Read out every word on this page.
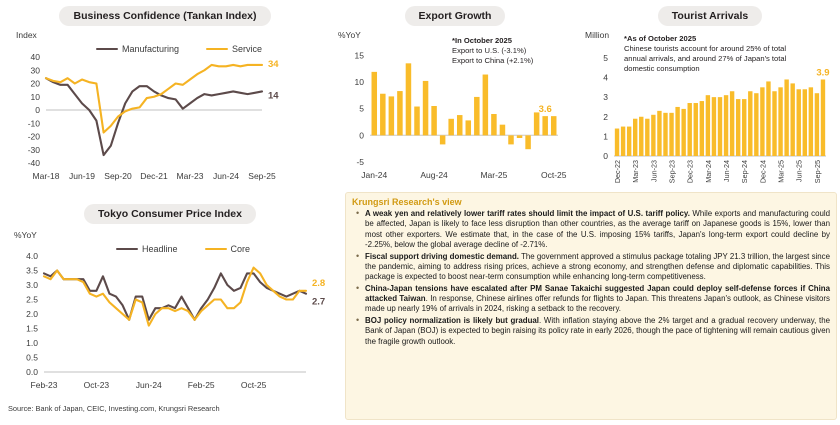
Business Confidence (Tankan Index)
Index
Manufacturing	Service
40
30
20
10
0
-10
-20
-30
-40
Mar-18 Jun-19 Sep-20 Dec-21 Mar-23 Jun-24 Sep-25
34
14
Export Growth
%YoY
*In October 2025
Export to U.S. (-3.1%)
Export to China (+2.1%)
15
10
5
0
-5
Jan-24	Aug-24	Mar-25	Oct-25
3.6
Tourist Arrivals
Million *As of October 2025
Chinese tourists account for around 25% of total
annual arrivals, and around 27% of Japan's total
domestic consumption
5
4
3
2
1
0
Dec-22 Mar-23 Jun-23 Sep-23 Dec-23 Mar-24 Jun-24 Sep-24 Dec-24 Mar-25 Jun-25 Sep-25
3.9
Tokyo Consumer Price Index
%YoY
Headline	Core
4.0
3.5
3.0
2.5
2.0
1.5
1.0
0.5
0.0
Feb-23	Oct-23	Jun-24	Feb-25	Oct-25
2.8
2.7
Source: Bank of Japan, CEIC, Investing.com, Krungsri Research
Krungsri Research's view
• A weak yen and relatively lower tariff rates should limit the impact of U.S. tariff policy. While exports and manufacturing could be affected, Japan is likely to face less disruption than other countries, as the average tariff on Japanese goods is 15%, lower than most other exporters. We estimate that, in the case of the U.S. imposing 15% tariffs, Japan's long-term export could decline by -2.25%, below the global average decline of -2.71%.
• Fiscal support driving domestic demand. The government approved a stimulus package totaling JPY 21.3 trillion, the largest since the pandemic, aiming to address rising prices, achieve a strong economy, and strengthen defense and diplomatic capabilities. This package is expected to boost near-term consumption while enhancing long-term competitiveness.
• China-Japan tensions have escalated after PM Sanae Takaichi suggested Japan could deploy self-defense forces if China attacked Taiwan. In response, Chinese airlines offer refunds for flights to Japan. This threatens Japan's outlook, as Chinese visitors made up nearly 19% of arrivals in 2024, risking a setback to the recovery.
• BOJ policy normalization is likely but gradual. With inflation staying above the 2% target and a gradual recovery underway, the Bank of Japan (BOJ) is expected to begin raising its policy rate in early 2026, though the pace of tightening will remain cautious given the fragile growth outlook.
